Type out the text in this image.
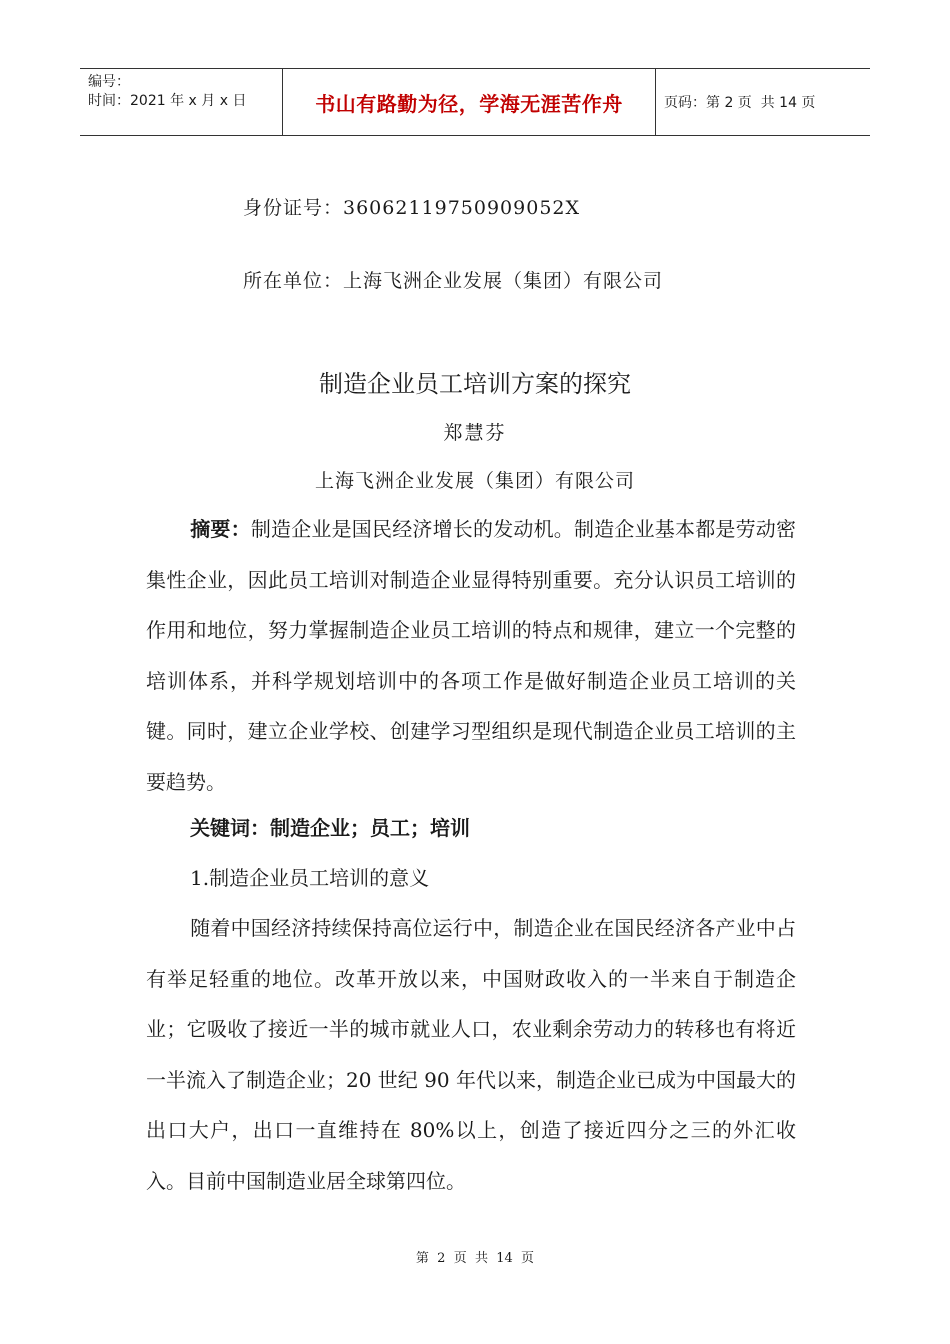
编号：
时间：2021 年 x 月 x 日	书山有路勤为径，学海无涯苦作舟	页码：第 2 页  共 14 页
身份证号：36062119750909052X
所在单位：上海飞洲企业发展（集团）有限公司
制造企业员工培训方案的探究
郑慧芬
上海飞洲企业发展（集团）有限公司

摘要：制造企业是国民经济增长的发动机。制造企业基本都是劳动密集性企业，因此员工培训对制造企业显得特别重要。充分认识员工培训的作用和地位，努力掌握制造企业员工培训的特点和规律，建立一个完整的培训体系，并科学规划培训中的各项工作是做好制造企业员工培训的关键。同时，建立企业学校、创建学习型组织是现代制造企业员工培训的主要趋势。

关键词：制造企业；员工；培训

1.制造企业员工培训的意义

随着中国经济持续保持高位运行中，制造企业在国民经济各产业中占有举足轻重的地位。改革开放以来，中国财政收入的一半来自于制造企业；它吸收了接近一半的城市就业人口，农业剩余劳动力的转移也有将近一半流入了制造企业；20 世纪 90 年代以来，制造企业已成为中国最大的出口大户，出口一直维持在 80%以上，创造了接近四分之三的外汇收入。目前中国制造业居全球第四位。

第  2  页  共  14  页
